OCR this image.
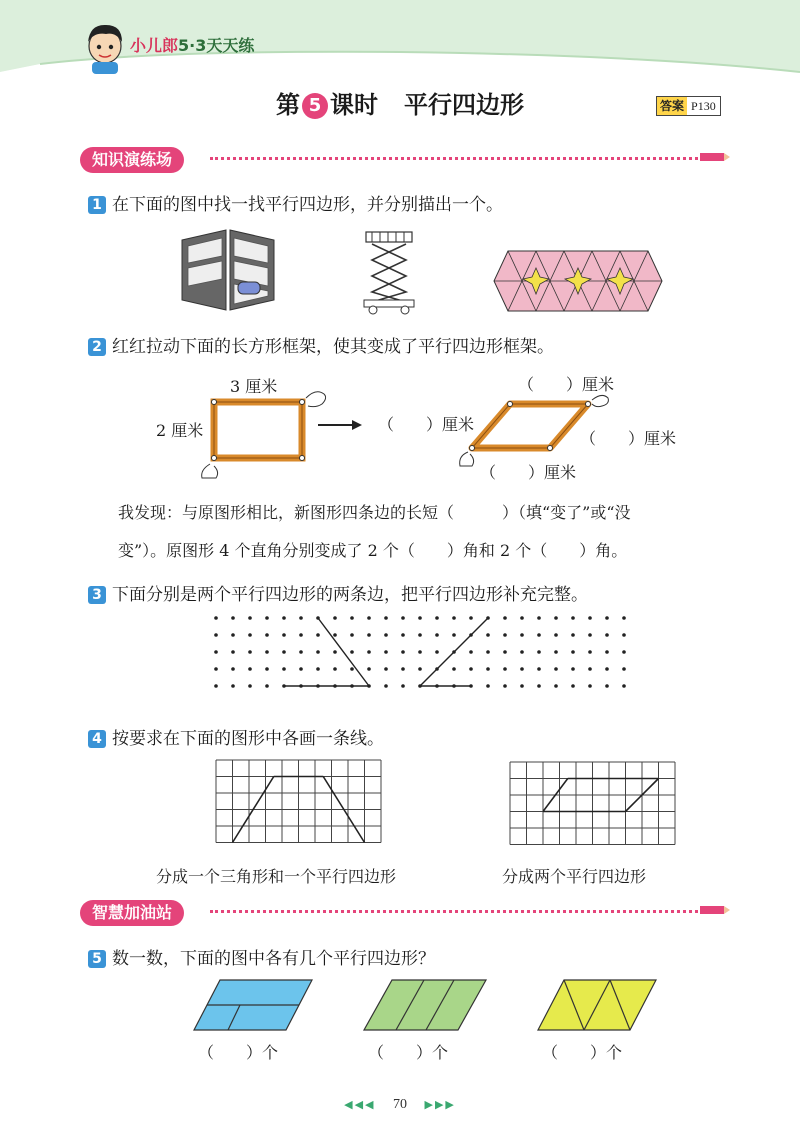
小儿郎5·3天天练
第 5 课时 平行四边形	答案 P130
知识演练场
1 在下面的图中找一找平行四边形，并分别描出一个。
2 红红拉动下面的长方形框架，使其变成了平行四边形框架。
3 厘米
2 厘米	（　　）厘米
（　　）厘米
（　　）厘米
（　　）厘米
我发现：与原图形相比，新图形四条边的长短（　　　）（填“变了”或“没
变”）。原图形 4 个直角分别变成了 2 个（　　）角和 2 个（　　）角。
3 下面分别是两个平行四边形的两条边，把平行四边形补充完整。
4 按要求在下面的图形中各画一条线。
分成一个三角形和一个平行四边形	分成两个平行四边形
智慧加油站
5 数一数，下面的图中各有几个平行四边形？
（　　）个	（　　）个	（　　）个
◀◀◀ 70 ▶▶▶
